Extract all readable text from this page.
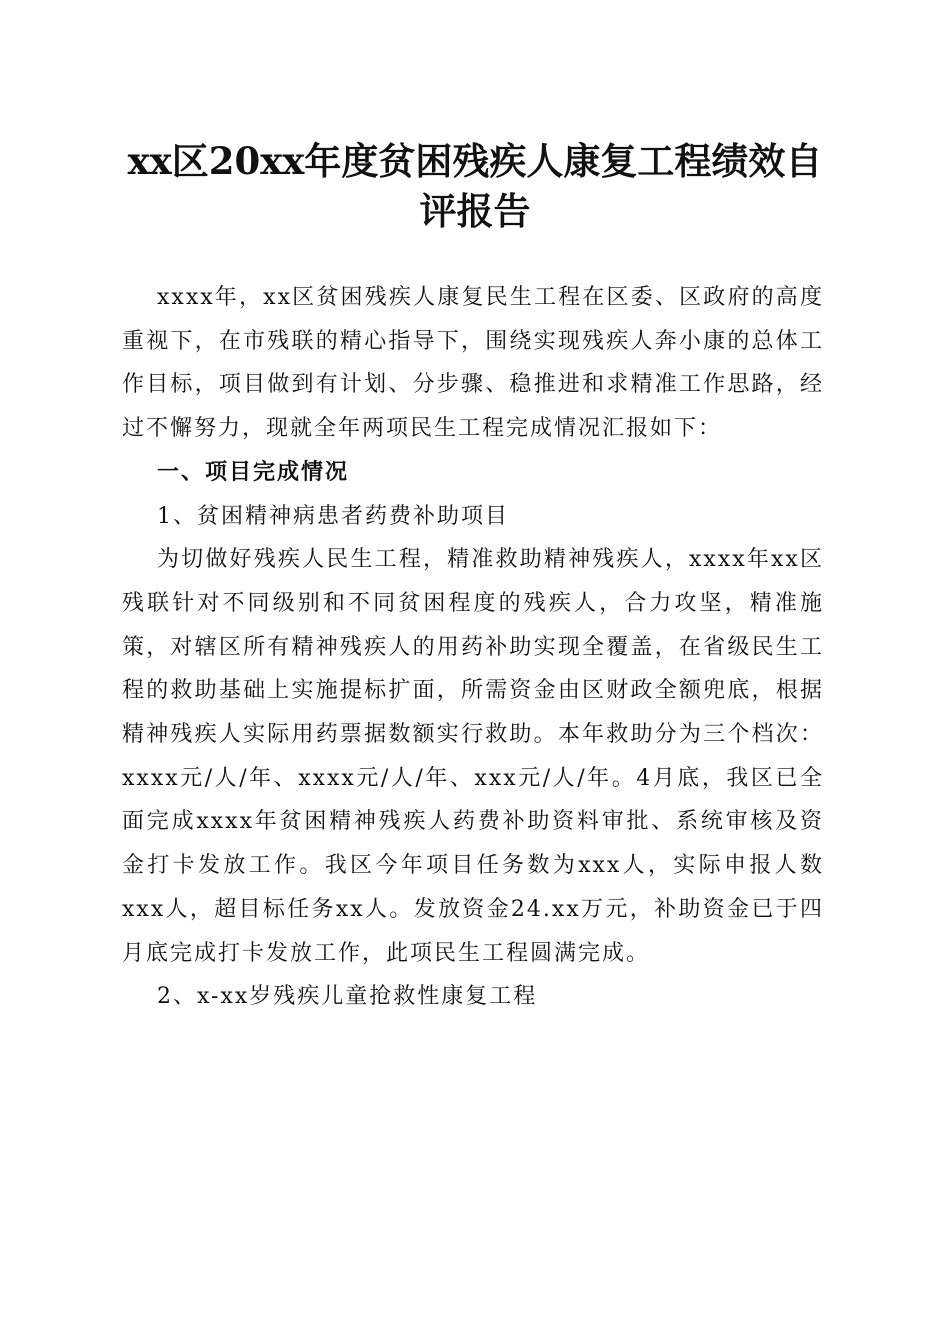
xx区20xx年度贫困残疾人康复工程绩效自评报告

xxxx年，xx区贫困残疾人康复民生工程在区委、区政府的高度重视下，在市残联的精心指导下，围绕实现残疾人奔小康的总体工作目标，项目做到有计划、分步骤、稳推进和求精准工作思路，经过不懈努力，现就全年两项民生工程完成情况汇报如下：

一、项目完成情况

1、贫困精神病患者药费补助项目

为切做好残疾人民生工程，精准救助精神残疾人，xxxx年xx区残联针对不同级别和不同贫困程度的残疾人，合力攻坚，精准施策，对辖区所有精神残疾人的用药补助实现全覆盖，在省级民生工程的救助基础上实施提标扩面，所需资金由区财政全额兜底，根据精神残疾人实际用药票据数额实行救助。本年救助分为三个档次：xxxx元/人/年、xxxx元/人/年、xxx元/人/年。4月底，我区已全面完成xxxx年贫困精神残疾人药费补助资料审批、系统审核及资金打卡发放工作。我区今年项目任务数为xxx人，实际申报人数xxx人，超目标任务xx人。发放资金24.xx万元，补助资金已于四月底完成打卡发放工作，此项民生工程圆满完成。

2、x-xx岁残疾儿童抢救性康复工程
